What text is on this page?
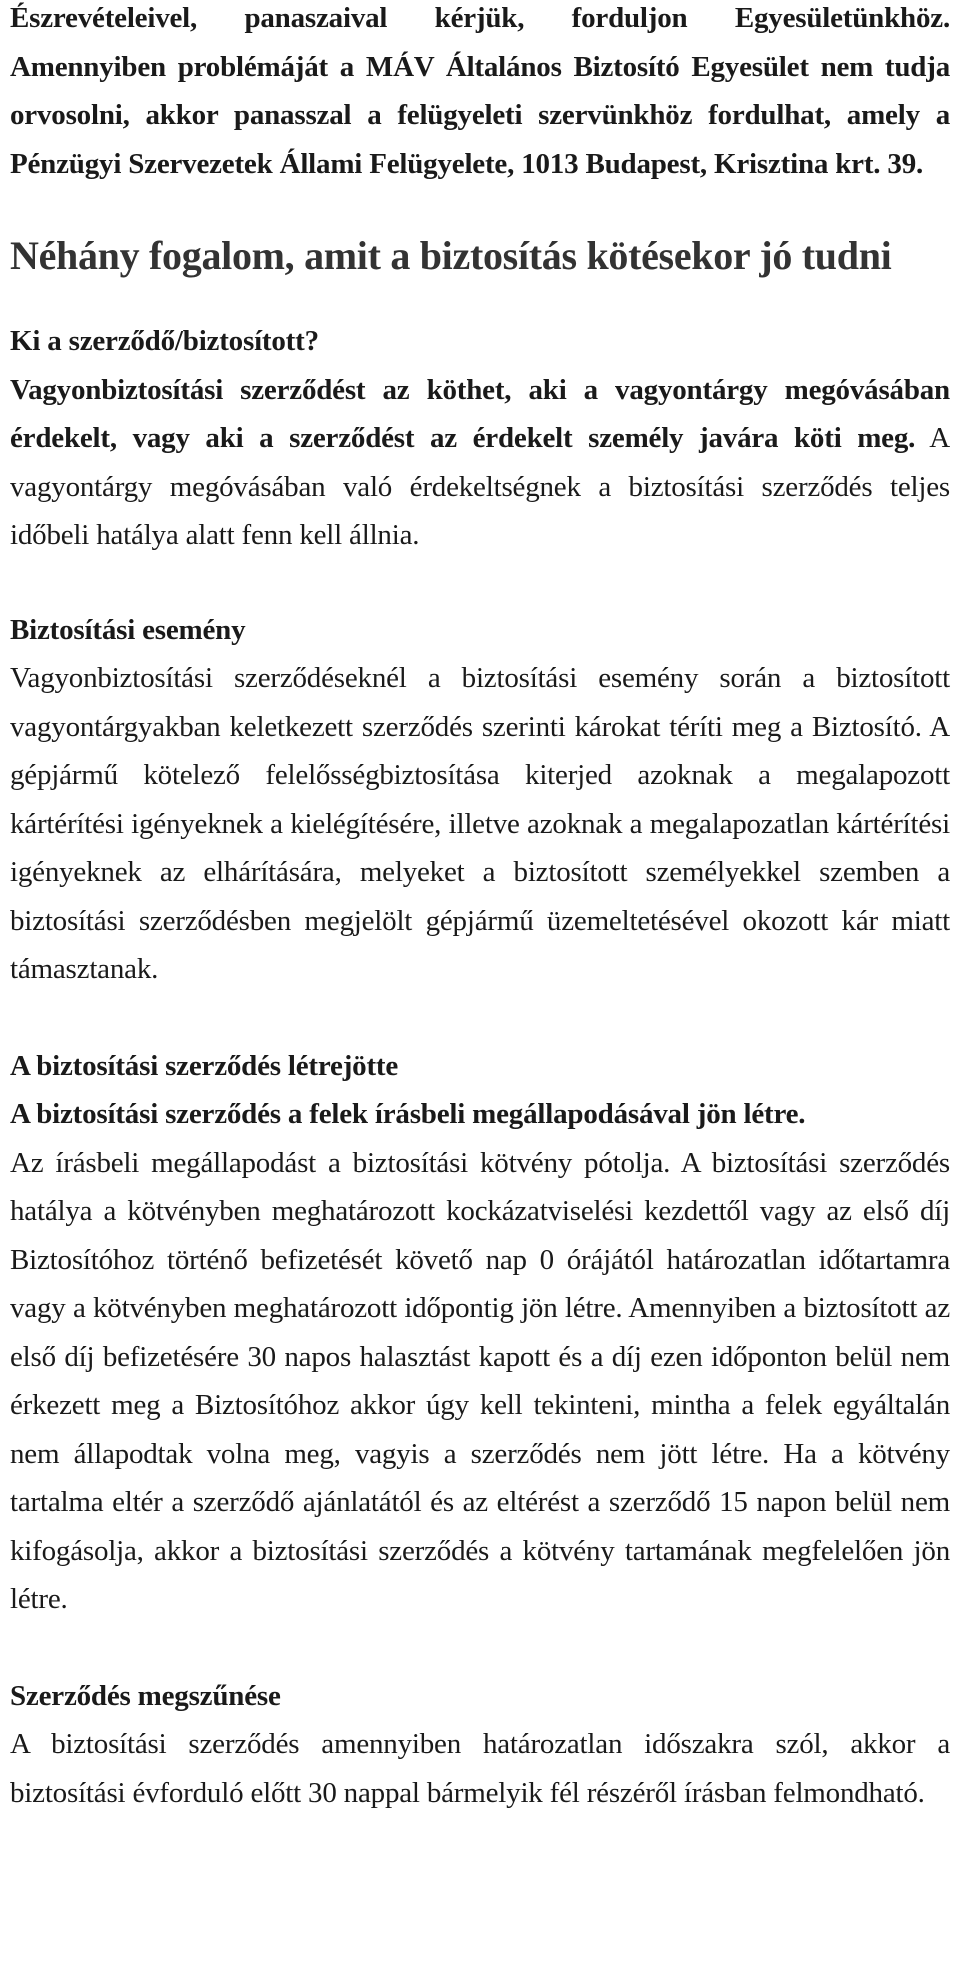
Észrevételeivel, panaszaival kérjük, forduljon Egyesületünkhöz. Amennyiben problémáját a MÁV Általános Biztosító Egyesület nem tudja orvosolni, akkor panasszal a felügyeleti szervünkhöz fordulhat, amely a Pénzügyi Szervezetek Állami Felügyelete, 1013 Budapest, Krisztina krt. 39.

Néhány fogalom, amit a biztosítás kötésekor jó tudni
Ki a szerződő/biztosított?

Vagyonbiztosítási szerződést az köthet, aki a vagyontárgy megóvásában érdekelt, vagy aki a szerződést az érdekelt személy javára köti meg. A vagyontárgy megóvásában való érdekeltségnek a biztosítási szerződés teljes időbeli hatálya alatt fenn kell állnia.

Biztosítási esemény

Vagyonbiztosítási szerződéseknél a biztosítási esemény során a biztosított vagyontárgyakban keletkezett szerződés szerinti károkat téríti meg a Biztosító. A gépjármű kötelező felelősségbiztosítása kiterjed azoknak a megalapozott kártérítési igényeknek a kielégítésére, illetve azoknak a megalapozatlan kártérítési igényeknek az elhárítására, melyeket a biztosított személyekkel szemben a biztosítási szerződésben megjelölt gépjármű üzemeltetésével okozott kár miatt támasztanak.

A biztosítási szerződés létrejötte

A biztosítási szerződés a felek írásbeli megállapodásával jön létre.

Az írásbeli megállapodást a biztosítási kötvény pótolja. A biztosítási szerződés hatálya a kötvényben meghatározott kockázatviselési kezdettől vagy az első díj Biztosítóhoz történő befizetését követő nap 0 órájától határozatlan időtartamra vagy a kötvényben meghatározott időpontig jön létre. Amennyiben a biztosított az első díj befizetésére 30 napos halasztást kapott és a díj ezen időponton belül nem érkezett meg a Biztosítóhoz akkor úgy kell tekinteni, mintha a felek egyáltalán nem állapodtak volna meg, vagyis a szerződés nem jött létre. Ha a kötvény tartalma eltér a szerződő ajánlatától és az eltérést a szerződő 15 napon belül nem kifogásolja, akkor a biztosítási szerződés a kötvény tartamának megfelelően jön létre.

Szerződés megszűnése

A biztosítási szerződés amennyiben határozatlan időszakra szól, akkor a biztosítási évforduló előtt 30 nappal bármelyik fél részéről írásban felmondható.
